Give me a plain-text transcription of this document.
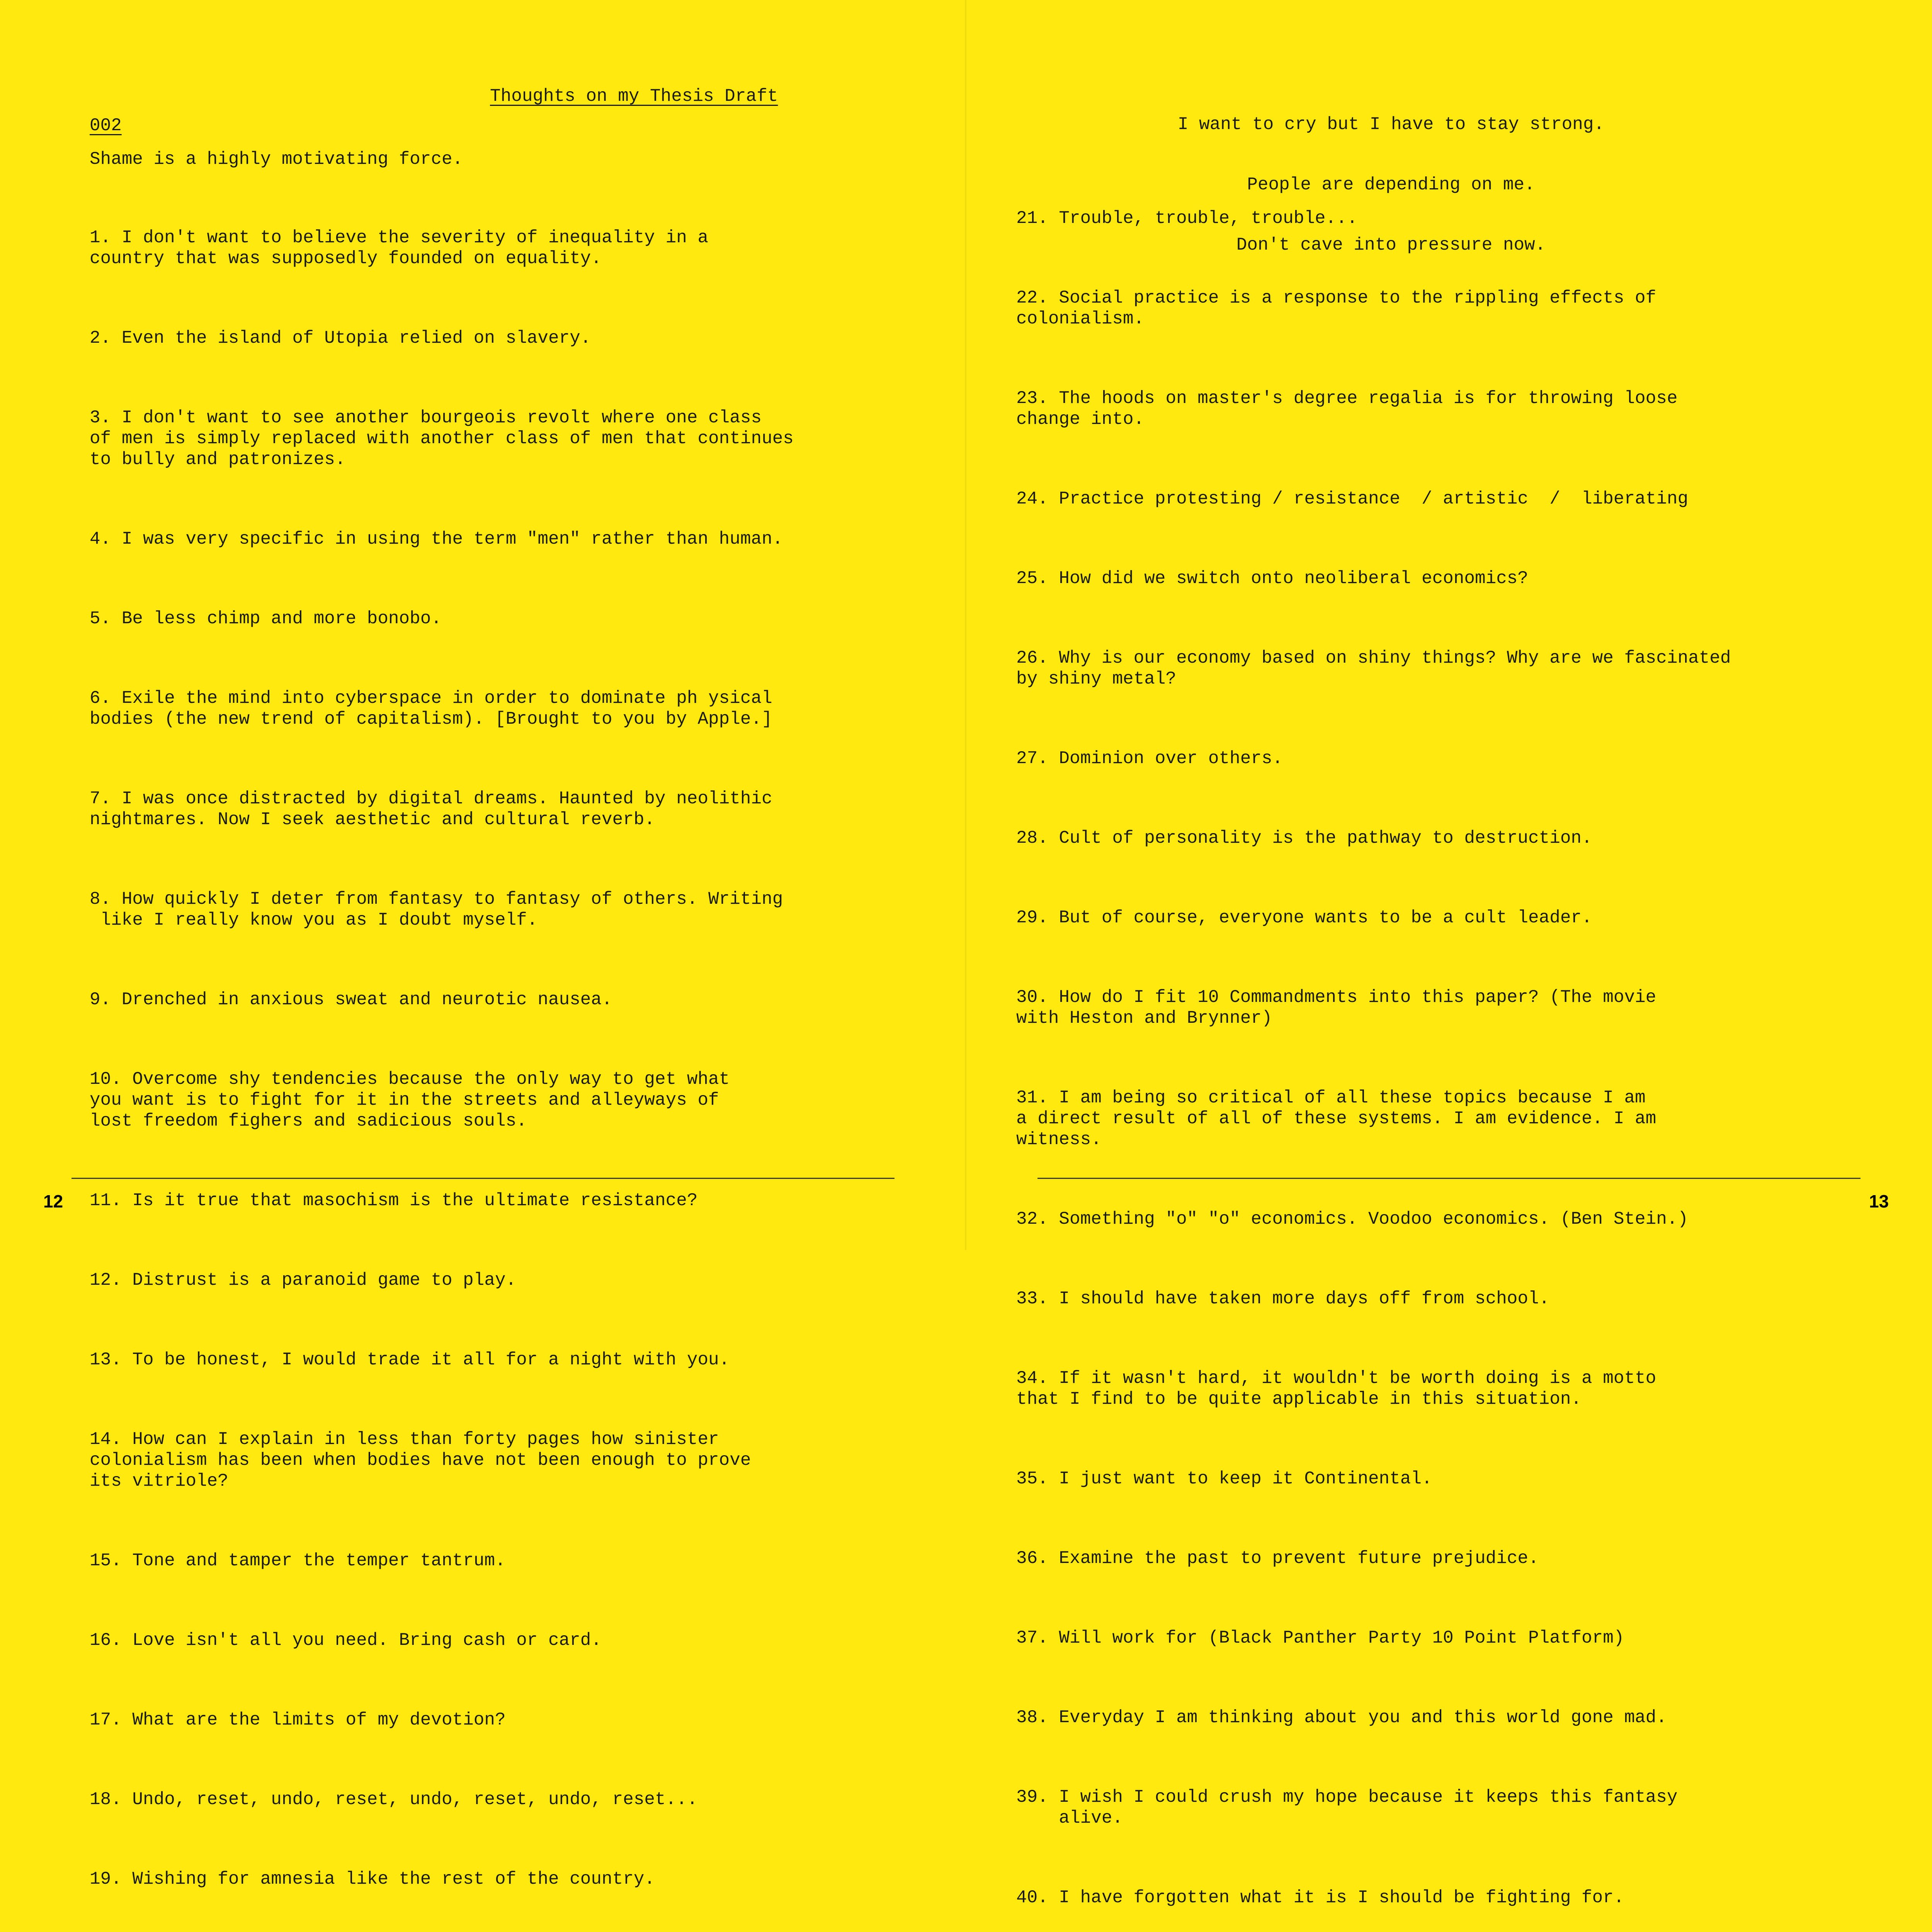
Thoughts on my Thesis Draft
002
Shame is a highly motivating force.

1. I don't want to believe the severity of inequality in a
country that was supposedly founded on equality.

2. Even the island of Utopia relied on slavery.

3. I don't want to see another bourgeois revolt where one class
of men is simply replaced with another class of men that continues
to bully and patronizes.

4. I was very specific in using the term "men" rather than human.

5. Be less chimp and more bonobo.

6. Exile the mind into cyberspace in order to dominate ph ysical
bodies (the new trend of capitalism). [Brought to you by Apple.]

7. I was once distracted by digital dreams. Haunted by neolithic
nightmares. Now I seek aesthetic and cultural reverb.

8. How quickly I deter from fantasy to fantasy of others. Writing
like I really know you as I doubt myself.

9. Drenched in anxious sweat and neurotic nausea.

10. Overcome shy tendencies because the only way to get what
you want is to fight for it in the streets and alleyways of
lost freedom fighers and sadicious souls.

11. Is it true that masochism is the ultimate resistance?

12. Distrust is a paranoid game to play.

13. To be honest, I would trade it all for a night with you.

14. How can I explain in less than forty pages how sinister
colonialism has been when bodies have not been enough to prove
its vitriole?

15. Tone and tamper the temper tantrum.

16. Love isn't all you need. Bring cash or card.

17. What are the limits of my devotion?

18. Undo, reset, undo, reset, undo, reset, undo, reset...

19. Wishing for amnesia like the rest of the country.

12

I want to cry but I have to stay strong.

People are depending on me.

Don't cave into pressure now.

21. Trouble, trouble, trouble...

22. Social practice is a response to the rippling effects of
colonialism.

23. The hoods on master's degree regalia is for throwing loose
change into.

24. Practice protesting / resistance  / artistic  /  liberating

25. How did we switch onto neoliberal economics?

26. Why is our economy based on shiny things? Why are we fascinated
by shiny metal?

27. Dominion over others.

28. Cult of personality is the pathway to destruction.

29. But of course, everyone wants to be a cult leader.

30. How do I fit 10 Commandments into this paper? (The movie
with Heston and Brynner)

31. I am being so critical of all these topics because I am
a direct result of all of these systems. I am evidence. I am
witness.

32. Something "o" "o" economics. Voodoo economics. (Ben Stein.)

33. I should have taken more days off from school.

34. If it wasn't hard, it wouldn't be worth doing is a motto
that I find to be quite applicable in this situation.

35. I just want to keep it Continental.

36. Examine the past to prevent future prejudice.

37. Will work for (Black Panther Party 10 Point Platform)

38. Everyday I am thinking about you and this world gone mad.

39. I wish I could crush my hope because it keeps this fantasy
alive.

40. I have forgotten what it is I should be fighting for.

13
